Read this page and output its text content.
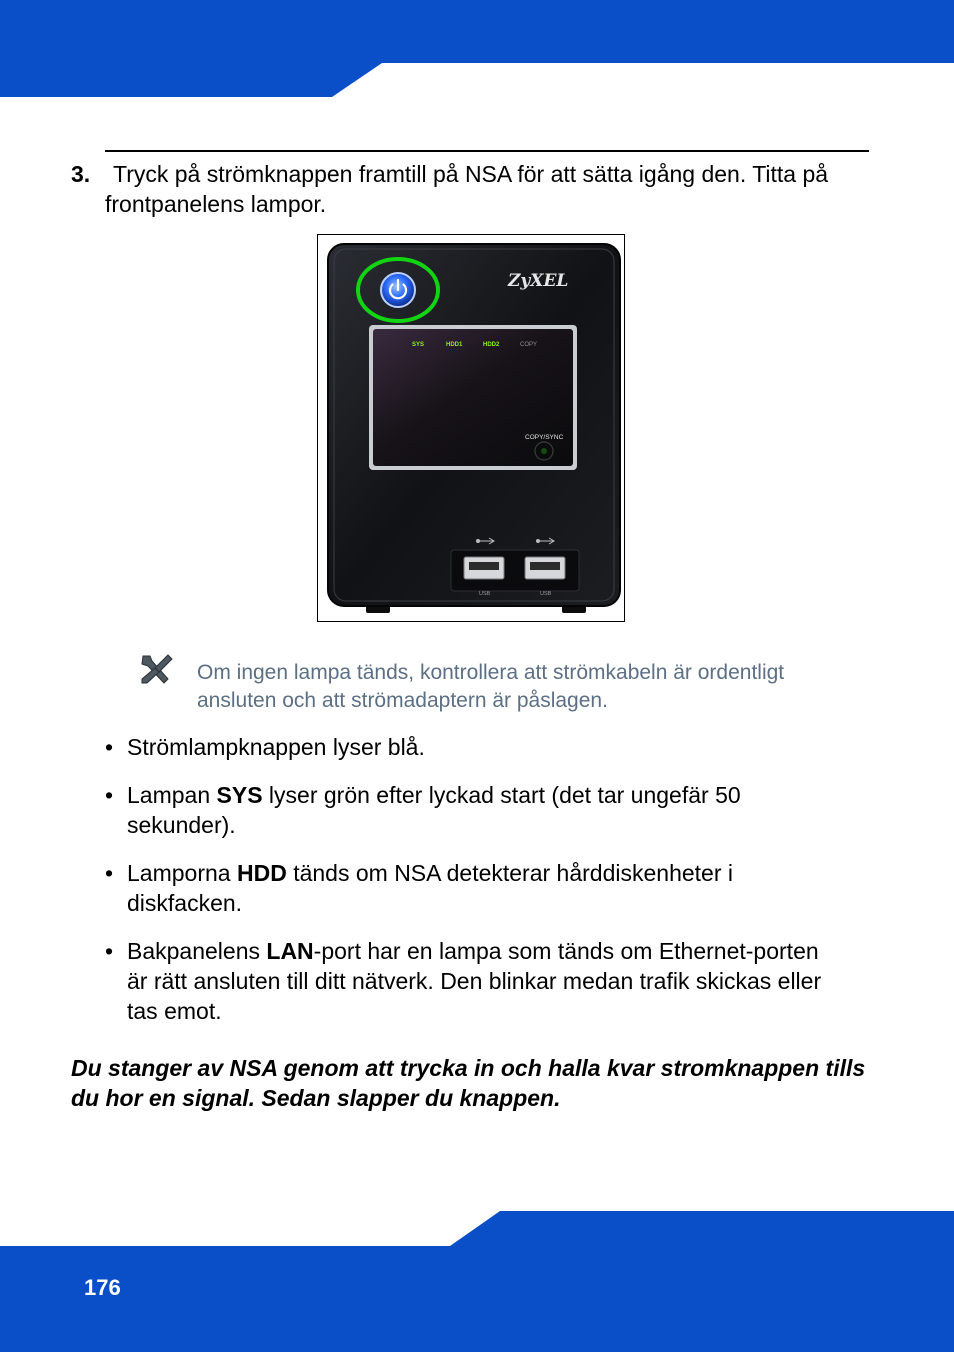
3. Tryck på strömknappen framtill på NSA för att sätta igång den. Titta på frontpanelens lampor.
ZyXEL
SYS	HDD1	HDD2	COPY
COPY/SYNC
USB	USB
Om ingen lampa tänds, kontrollera att strömkabeln är ordentligt ansluten och att strömadaptern är påslagen.
• Strömlampknappen lyser blå.
• Lampan SYS lyser grön efter lyckad start (det tar ungefär 50 sekunder).
• Lamporna HDD tänds om NSA detekterar hårddiskenheter i diskfacken.
• Bakpanelens LAN-port har en lampa som tänds om Ethernet-porten är rätt ansluten till ditt nätverk. Den blinkar medan trafik skickas eller tas emot.
Du stanger av NSA genom att trycka in och halla kvar stromknappen tills du hor en signal. Sedan slapper du knappen.
176
